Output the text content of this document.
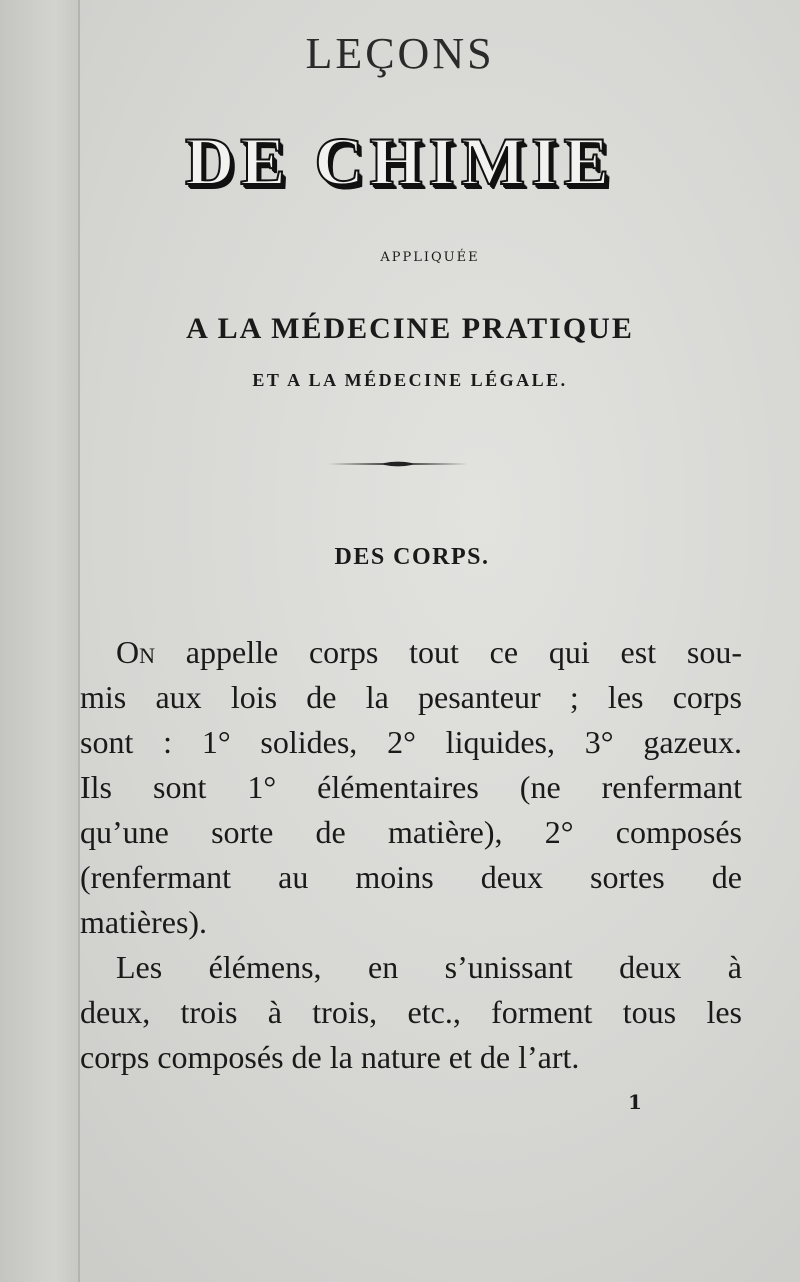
LEÇONS
DE CHIMIE
APPLIQUÉE
A LA MÉDECINE PRATIQUE
ET A LA MÉDECINE LÉGALE.
DES CORPS.
On appelle corps tout ce qui est sou-
mis aux lois de la pesanteur ; les corps
sont : 1° solides, 2° liquides, 3° gazeux.
Ils sont 1° élémentaires (ne renfermant
qu’une sorte de matière), 2° composés
(renfermant au moins deux sortes de
matières).
Les élémens, en s’unissant deux à
deux, trois à trois, etc., forment tous les
corps composés de la nature et de l’art.
1
